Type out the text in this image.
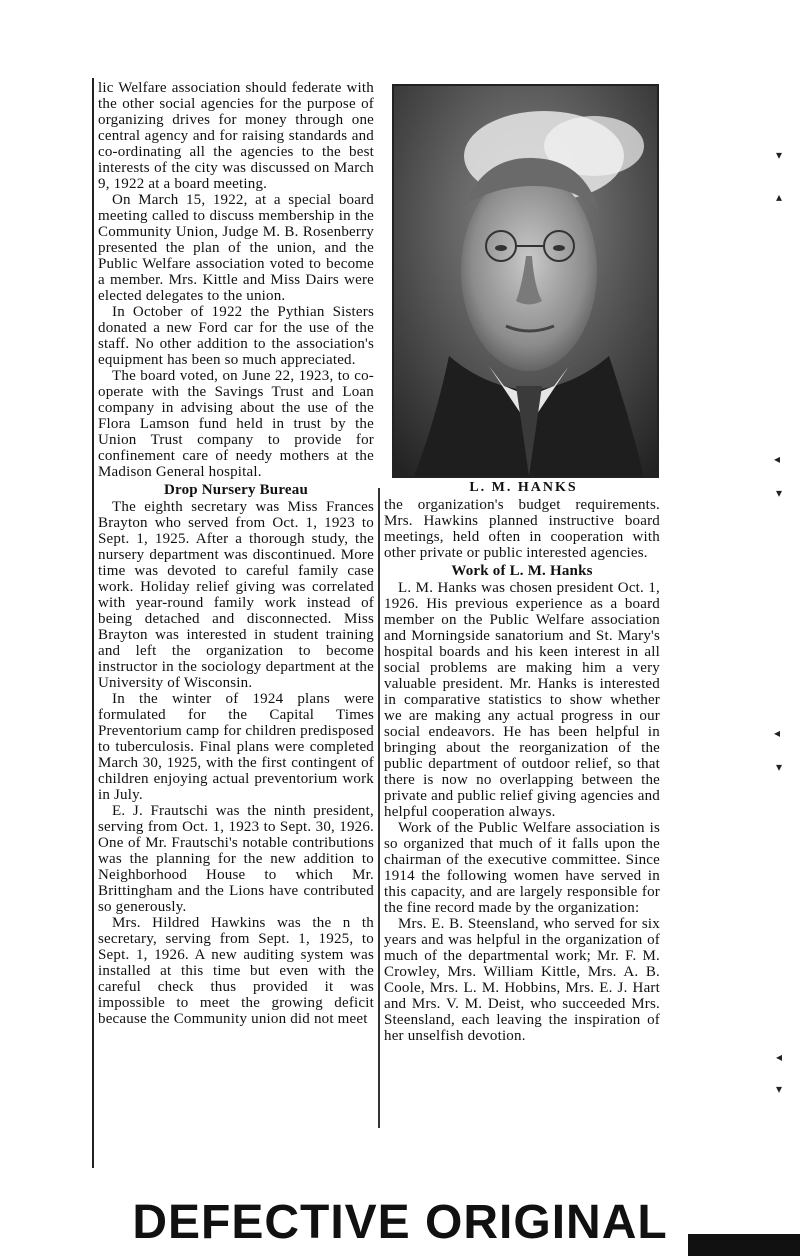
lic Welfare association should federate with the other social agencies for the purpose of organizing drives for money through one central agency and for raising standards and co-ordinating all the agencies to the best interests of the city was discussed on March 9, 1922 at a board meeting.

On March 15, 1922, at a special board meeting called to discuss membership in the Community Union, Judge M. B. Rosenberry presented the plan of the union, and the Public Welfare association voted to become a member. Mrs. Kittle and Miss Dairs were elected delegates to the union.

In October of 1922 the Pythian Sisters donated a new Ford car for the use of the staff. No other addition to the association's equipment has been so much appreciated.

The board voted, on June 22, 1923, to co-operate with the Savings Trust and Loan company in advising about the use of the Flora Lamson fund held in trust by the Union Trust company to provide for confinement care of needy mothers at the Madison General hospital.

Drop Nursery Bureau

The eighth secretary was Miss Frances Brayton who served from Oct. 1, 1923 to Sept. 1, 1925. After a thorough study, the nursery department was discontinued. More time was devoted to careful family case work. Holiday relief giving was correlated with year-round family work instead of being detached and disconnected. Miss Brayton was interested in student training and left the organization to become instructor in the sociology department at the University of Wisconsin.

In the winter of 1924 plans were formulated for the Capital Times Preventorium camp for children predisposed to tuberculosis. Final plans were completed March 30, 1925, with the first contingent of children enjoying actual preventorium work in July.

E. J. Frautschi was the ninth president, serving from Oct. 1, 1923 to Sept. 30, 1926. One of Mr. Frautschi's notable contributions was the planning for the new addition to Neighborhood House to which Mr. Brittingham and the Lions have contributed so generously.

Mrs. Hildred Hawkins was the n th secretary, serving from Sept. 1, 1925, to Sept. 1, 1926. A new auditing system was installed at this time but even with the careful check thus provided it was impossible to meet the growing deficit because the Community union did not meet

L. M. HANKS

the organization's budget requirements. Mrs. Hawkins planned instructive board meetings, held often in cooperation with other private or public interested agencies.

Work of L. M. Hanks

L. M. Hanks was chosen president Oct. 1, 1926. His previous experience as a board member on the Public Welfare association and Morningside sanatorium and St. Mary's hospital boards and his keen interest in all social problems are making him a very valuable president. Mr. Hanks is interested in comparative statistics to show whether we are making any actual progress in our social endeavors. He has been helpful in bringing about the reorganization of the public department of outdoor relief, so that there is now no overlapping between the private and public relief giving agencies and helpful cooperation always.

Work of the Public Welfare association is so organized that much of it falls upon the chairman of the executive committee. Since 1914 the following women have served in this capacity, and are largely responsible for the fine record made by the organization:

Mrs. E. B. Steensland, who served for six years and was helpful in the organization of much of the departmental work; Mr. F. M. Crowley, Mrs. William Kittle, Mrs. A. B. Coole, Mrs. L. M. Hobbins, Mrs. E. J. Hart and Mrs. V. M. Deist, who succeeded Mrs. Steensland, each leaving the inspiration of her unselfish devotion.

DEFECTIVE ORIGINAL
▾
▴
◂
▾
◂
▾
◂
▾
